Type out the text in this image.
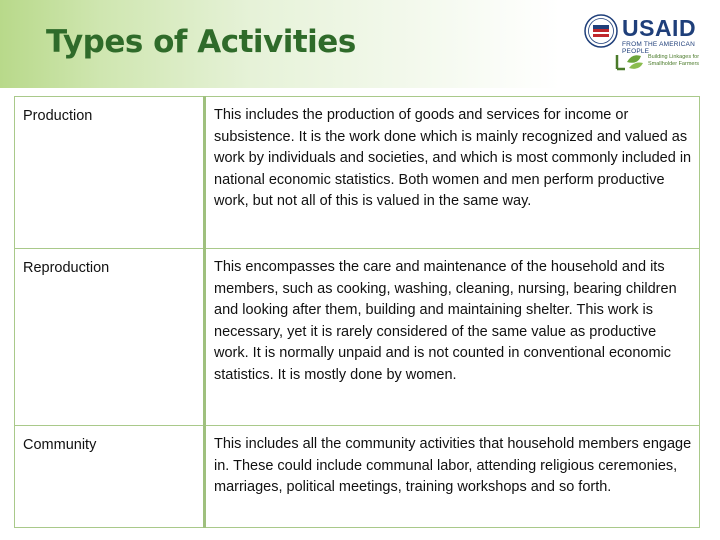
Types of Activities	USAID
FROM THE AMERICAN PEOPLE
Building Linkages for Smallholder Farmers
Production	This includes the production of goods and services for income or subsistence. It is the work done which is mainly recognized and valued as work by individuals and societies, and which is most commonly included in national economic statistics. Both women and men perform productive work, but not all of this is valued in the same way.

Reproduction	This encompasses the care and maintenance of the household and its members, such as cooking, washing, cleaning, nursing, bearing children and looking after them, building and maintaining shelter. This work is necessary, yet it is rarely considered of the same value as productive work. It is normally unpaid and is not counted in conventional economic statistics. It is mostly done by women.

Community	This includes all the community activities that household members engage in. These could include communal labor, attending religious ceremonies, marriages, political meetings, training workshops and so forth.
